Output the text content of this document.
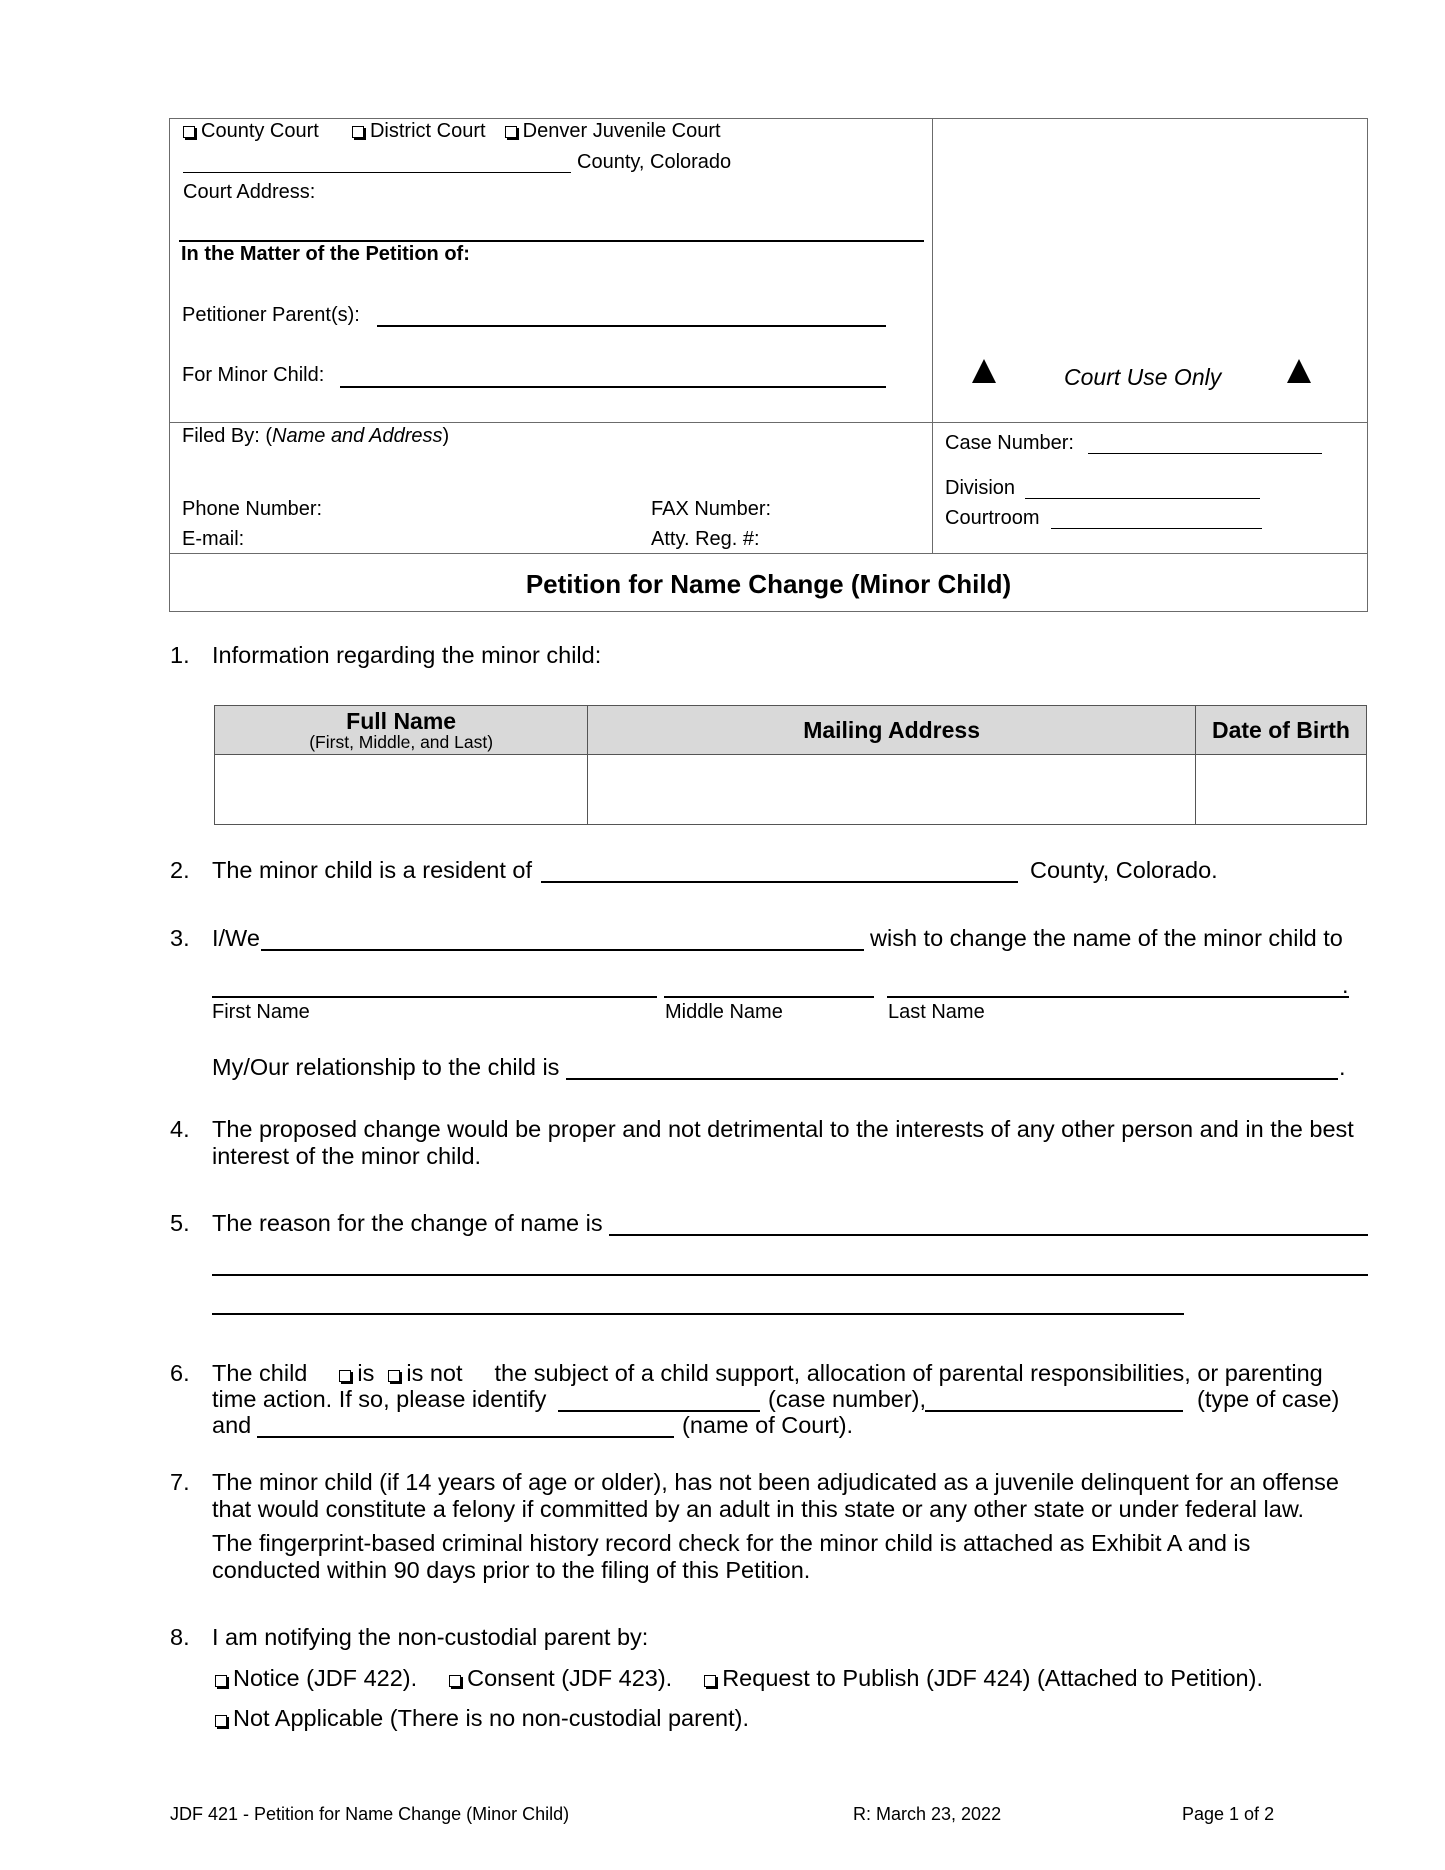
County Court	District Court Denver Juvenile Court
County, Colorado
Court Address:
In the Matter of the Petition of:
Petitioner Parent(s):
For Minor Child:	Court Use Only
Filed By: (Name and Address)
Phone Number:
E-mail:
FAX Number:
Atty. Reg. #:
Case Number:
Division
Courtroom
Petition for Name Change (Minor Child)
1. Information regarding the minor child:
Full Name
(First, Middle, and Last)	Mailing Address	Date of Birth

2. The minor child is a resident of	County, Colorado.
3. I/We	wish to change the name of the minor child to
.
First Name	Middle Name	Last Name
My/Our relationship to the child is	.
4. The proposed change would be proper and not detrimental to the interests of any other person and in the best
interest of the minor child.
5. The reason for the change of name is
6. The child is is not the subject of a child support, allocation of parental responsibilities, or parenting
time action. If so, please identify	(case number),	(type of case)
and	(name of Court).
7. The minor child (if 14 years of age or older), has not been adjudicated as a juvenile delinquent for an offense
that would constitute a felony if committed by an adult in this state or any other state or under federal law.
The fingerprint-based criminal history record check for the minor child is attached as Exhibit A and is
conducted within 90 days prior to the filing of this Petition.
8. I am notifying the non-custodial parent by:
Notice (JDF 422). Consent (JDF 423). Request to Publish (JDF 424) (Attached to Petition).
Not Applicable (There is no non-custodial parent).
JDF 421 - Petition for Name Change (Minor Child)	R: March 23, 2022	Page 1 of 2
